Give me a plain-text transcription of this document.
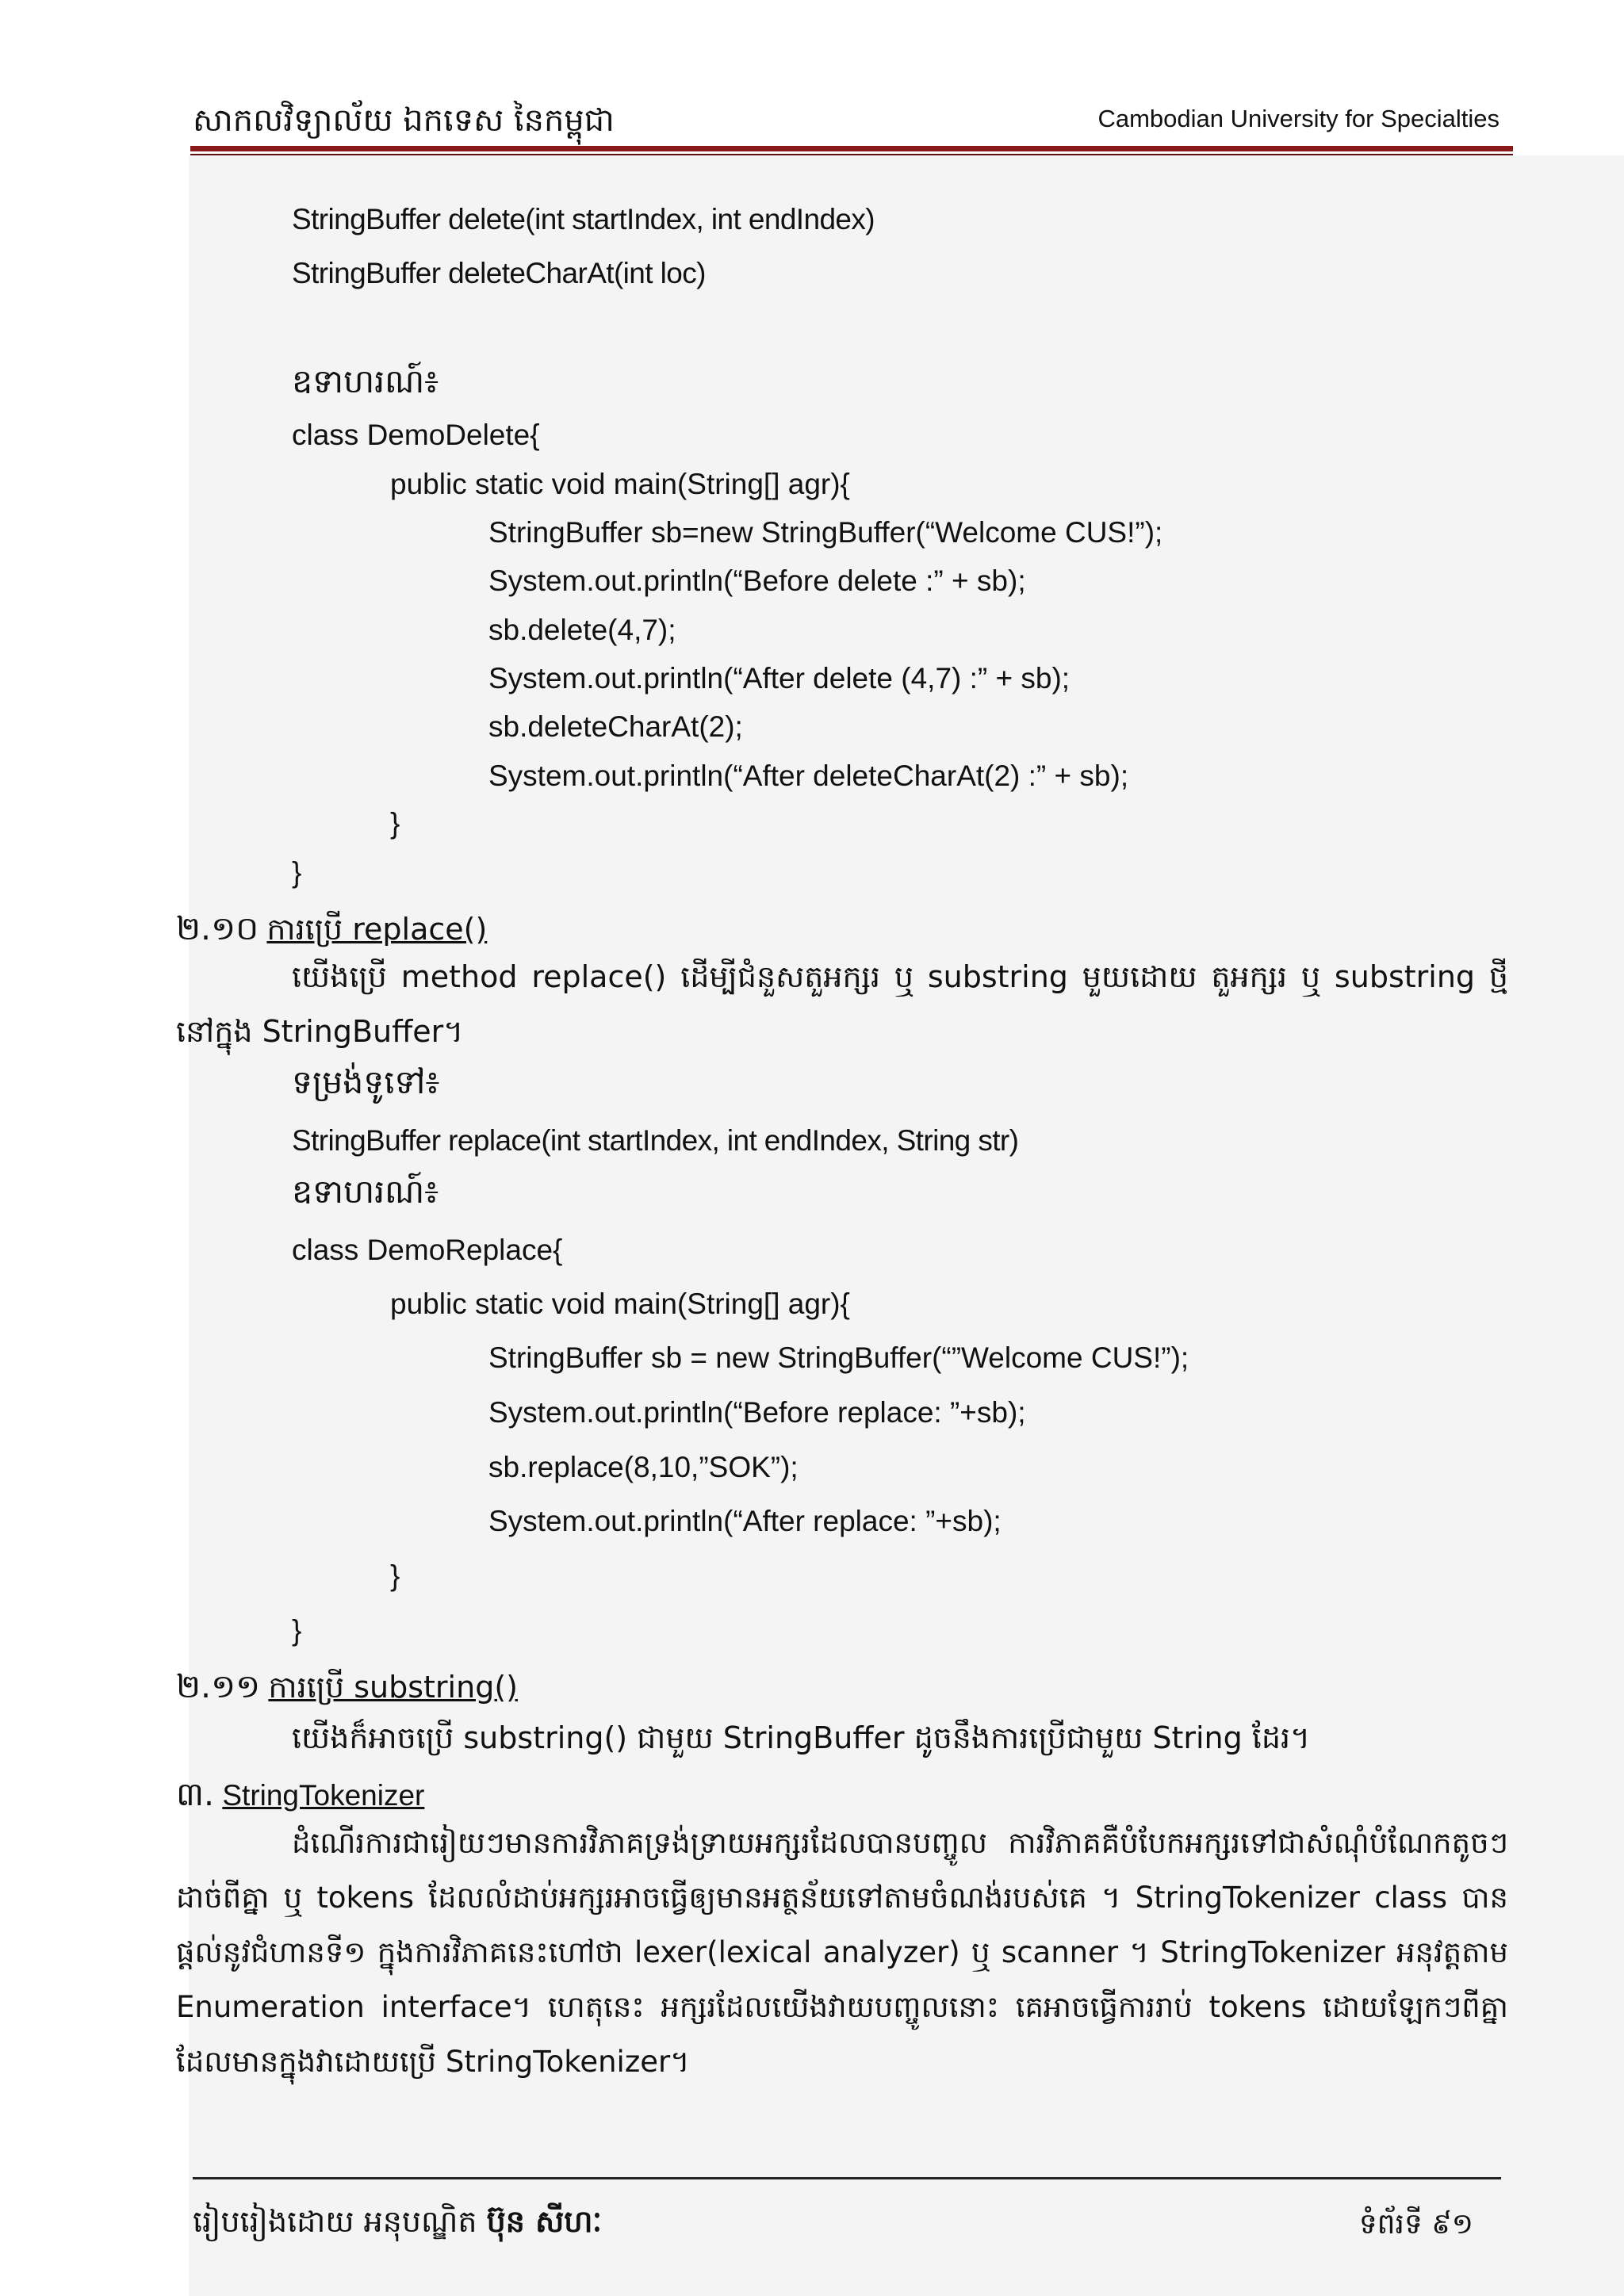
សាកលវិទ្យាល័យ ឯកទេស នៃកម្ពុជា	Cambodian University for Specialties
StringBuffer delete(int startIndex, int endIndex)
StringBuffer deleteCharAt(int loc)
ឧទាហរណ៍៖
class DemoDelete{
public static void main(String[] agr){
StringBuffer sb=new StringBuffer(“Welcome CUS!”);
System.out.println(“Before delete :” + sb);
sb.delete(4,7);
System.out.println(“After delete (4,7) :” + sb);
sb.deleteCharAt(2);
System.out.println(“After deleteCharAt(2) :” + sb);
}
}
២.១០ ការប្រើ replace()
យើងប្រើ method replace() ដើម្បីជំនួសតួអក្សរ ឬ substring មួយដោយ តួអក្សរ ឬ substring ថ្មី នៅក្នុង StringBuffer។
ទម្រង់ទូទៅ៖
StringBuffer replace(int startIndex, int endIndex, String str)
ឧទាហរណ៍៖
class DemoReplace{
public static void main(String[] agr){
StringBuffer sb = new StringBuffer(“”Welcome CUS!”);
System.out.println(“Before replace: ”+sb);
sb.replace(8,10,”SOK”);
System.out.println(“After replace: ”+sb);
}
}
២.១១ ការប្រើ substring()
យើងក៏អាចប្រើ substring() ជាមួយ StringBuffer ដូចនឹងការប្រើជាមួយ String ដែរ។
៣. StringTokenizer
ដំណើរការជារៀយៗមានការវិភាគទ្រង់ទ្រាយអក្សរដែលបានបញ្ចូល ការវិភាគគឺបំបែកអក្សរទៅជាសំណុំបំណែកតូចៗដាច់ពីគ្នា ឬ tokens ដែលលំដាប់អក្សរអាចធ្វើឲ្យមានអត្ថន័យទៅតាមចំណង់របស់គេ ។ StringTokenizer class បានផ្តល់នូវជំហានទី១ ក្នុងការវិភាគនេះហៅថា lexer(lexical analyzer) ឬ scanner ។ StringTokenizer អនុវត្តតាម Enumeration interface។ ហេតុនេះ អក្សរដែលយើងវាយបញ្ចូលនោះ គេអាចធ្វើការរាប់ tokens ដោយឡែកៗពីគ្នា ដែលមានក្នុងវាដោយប្រើ StringTokenizer។
រៀបរៀងដោយ អនុបណ្ឌិត ប៊ុន សីហៈ	ទំព័រទី ៩១
